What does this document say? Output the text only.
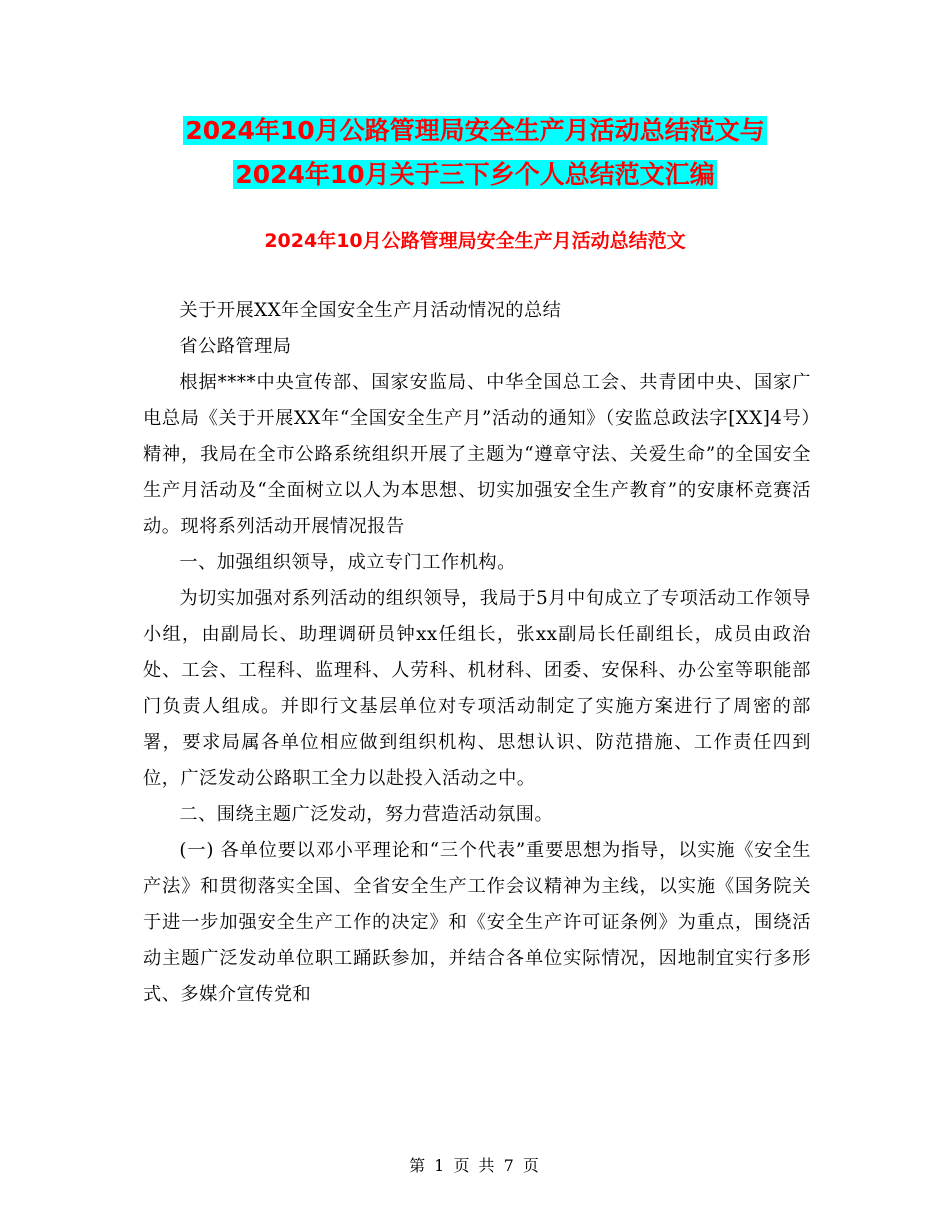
2024年10月公路管理局安全生产月活动总结范文与
2024年10月关于三下乡个人总结范文汇编
2024年10月公路管理局安全生产月活动总结范文

关于开展XX年全国安全生产月活动情况的总结

省公路管理局

根据****中央宣传部、国家安监局、中华全国总工会、共青团中央、国家广电总局《关于开展XX年“全国安全生产月”活动的通知》（安监总政法字[XX]4号）精神，我局在全市公路系统组织开展了主题为“遵章守法、关爱生命”的全国安全生产月活动及“全面树立以人为本思想、切实加强安全生产教育”的安康杯竞赛活动。现将系列活动开展情况报告

一、加强组织领导，成立专门工作机构。

为切实加强对系列活动的组织领导，我局于5月中旬成立了专项活动工作领导小组，由副局长、助理调研员钟xx任组长，张xx副局长任副组长，成员由政治处、工会、工程科、监理科、人劳科、机材科、团委、安保科、办公室等职能部门负责人组成。并即行文基层单位对专项活动制定了实施方案进行了周密的部署，要求局属各单位相应做到组织机构、思想认识、防范措施、工作责任四到位，广泛发动公路职工全力以赴投入活动之中。

二、围绕主题广泛发动，努力营造活动氛围。

(一) 各单位要以邓小平理论和“三个代表”重要思想为指导，以实施《安全生产法》和贯彻落实全国、全省安全生产工作会议精神为主线，以实施《国务院关于进一步加强安全生产工作的决定》和《安全生产许可证条例》为重点，围绕活动主题广泛发动单位职工踊跃参加，并结合各单位实际情况，因地制宜实行多形式、多媒介宣传党和

第 1 页 共 7 页
